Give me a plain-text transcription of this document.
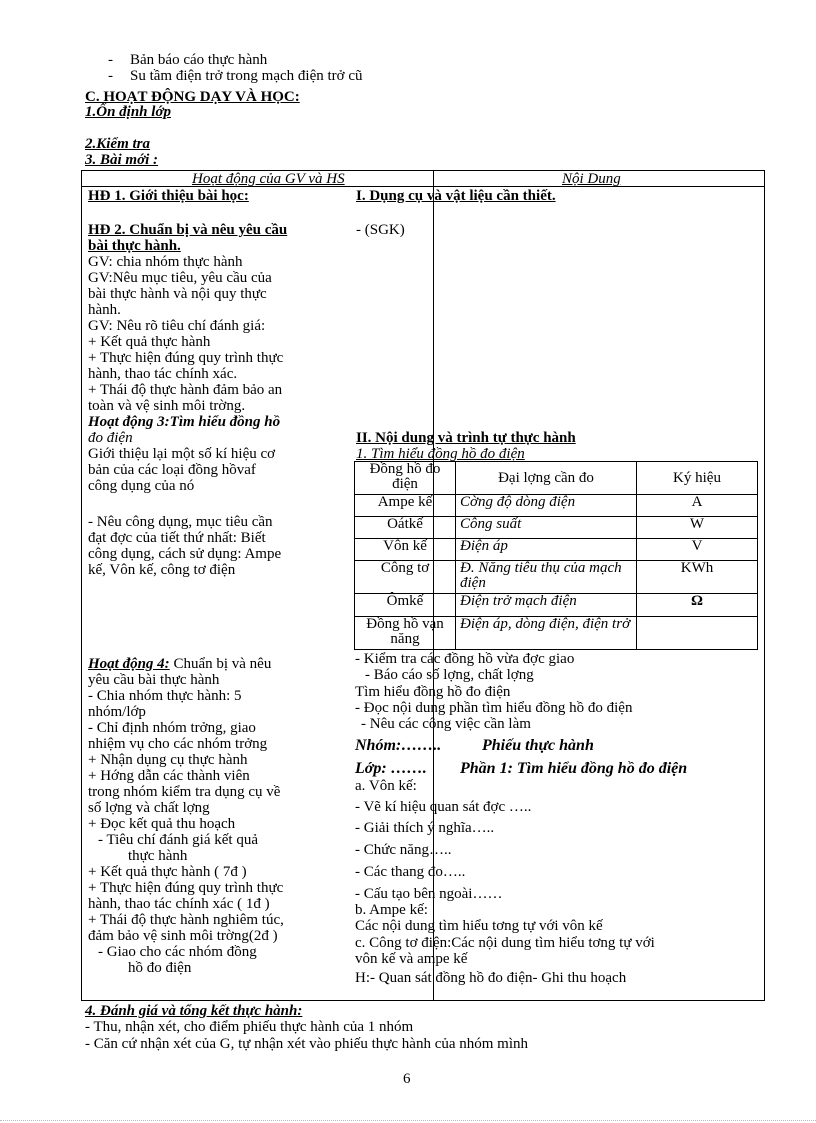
- Bản báo cáo thực hành
- Su tầm điện trở trong mạch điện trở cũ
C. HOẠT ĐỘNG DẠY VÀ HỌC:
1.Ổn định lớp
2.Kiểm tra
3. Bài mới :
Hoạt động của GV và HS	Nội Dung
HĐ 1. Giới thiệu bài học:
HĐ 2. Chuẩn bị và nêu yêu cầu
bài thực hành.
GV: chia nhóm thực hành
GV:Nêu mục tiêu, yêu cầu của
bài thực hành và nội quy thực
hành.
GV: Nêu rõ tiêu chí đánh giá:
+ Kết quả thực hành
+ Thực hiện đúng quy trình thực
hành, thao tác chính xác.
+ Thái độ thực hành đảm bảo an
toàn và vệ sinh môi trờng.
Hoạt động 3:Tìm hiểu đồng hồ
đo điện
Giới thiệu lại một số kí hiệu cơ
bản của các loại đồng hồvaf
công dụng của nó
- Nêu công dụng, mục tiêu cần
đạt đợc của tiết thứ nhất: Biết
công dụng, cách sử dụng: Ampe
kế, Vôn kế, công tơ điện
Hoạt động 4: Chuẩn bị và nêu
yêu cầu bài thực hành
- Chia nhóm thực hành: 5
nhóm/lớp
- Chỉ định nhóm trởng, giao
nhiệm vụ cho các nhóm trởng
+ Nhận dụng cụ thực hành
+ Hớng dẫn các thành viên
trong nhóm kiểm tra dụng cụ về
số lợng và chất lợng
+ Đọc kết quả thu hoạch
- Tiêu chí đánh giá kết quả
thực hành
+ Kết quả thực hành ( 7đ )
+ Thực hiện đúng quy trình thực
hành, thao tác chính xác ( 1đ )
+ Thái độ thực hành nghiêm túc,
đảm bảo vệ sinh môi trờng(2đ )
- Giao cho các nhóm đồng
hồ đo điện
I. Dụng cụ và vật liệu cần thiết.
- (SGK)
II. Nội dung và trình tự thực hành
1. Tìm hiểu đồng hồ đo điện
Đồng hồ đo điện	Đại lợng cần đo	Ký hiệu
Ampe kế	Cờng độ dòng điện	A
Oátkế	Công suất	W
Vôn kế	Điện áp	V
Công tơ	Đ. Năng tiêu thụ của mạch điện	KWh
Ômkế	Điện trở mạch điện	Ω
Đồng hồ vạn năng	Điện áp, dòng điện, điện trở	
- Kiểm tra các đồng hồ vừa đợc giao
- Báo cáo số lợng, chất lợng
Tìm hiểu đồng hồ đo điện
- Đọc nội dung phần tìm hiểu đồng hồ đo điện
- Nêu các công việc cần làm
Nhóm:……..	Phiếu thực hành
Lớp: ……. Phần 1: Tìm hiểu đồng hồ đo điện
a. Vôn kế:
- Vẽ kí hiệu quan sát đợc …..
- Giải thích ý nghĩa…..
- Chức năng…..
- Các thang đo…..
- Cấu tạo bên ngoài……
b. Ampe kế:
Các nội dung tìm hiểu tơng tự với vôn kế
c. Công tơ điện:Các nội dung tìm hiểu tơng tự với
vôn kế và ampe kế
H:- Quan sát đồng hồ đo điện- Ghi thu hoạch
4. Đánh giá và tổng kết thực hành:
- Thu, nhận xét, cho điểm phiếu thực hành của 1 nhóm
- Căn cứ nhận xét của G, tự nhận xét vào phiếu thực hành của nhóm mình
6
